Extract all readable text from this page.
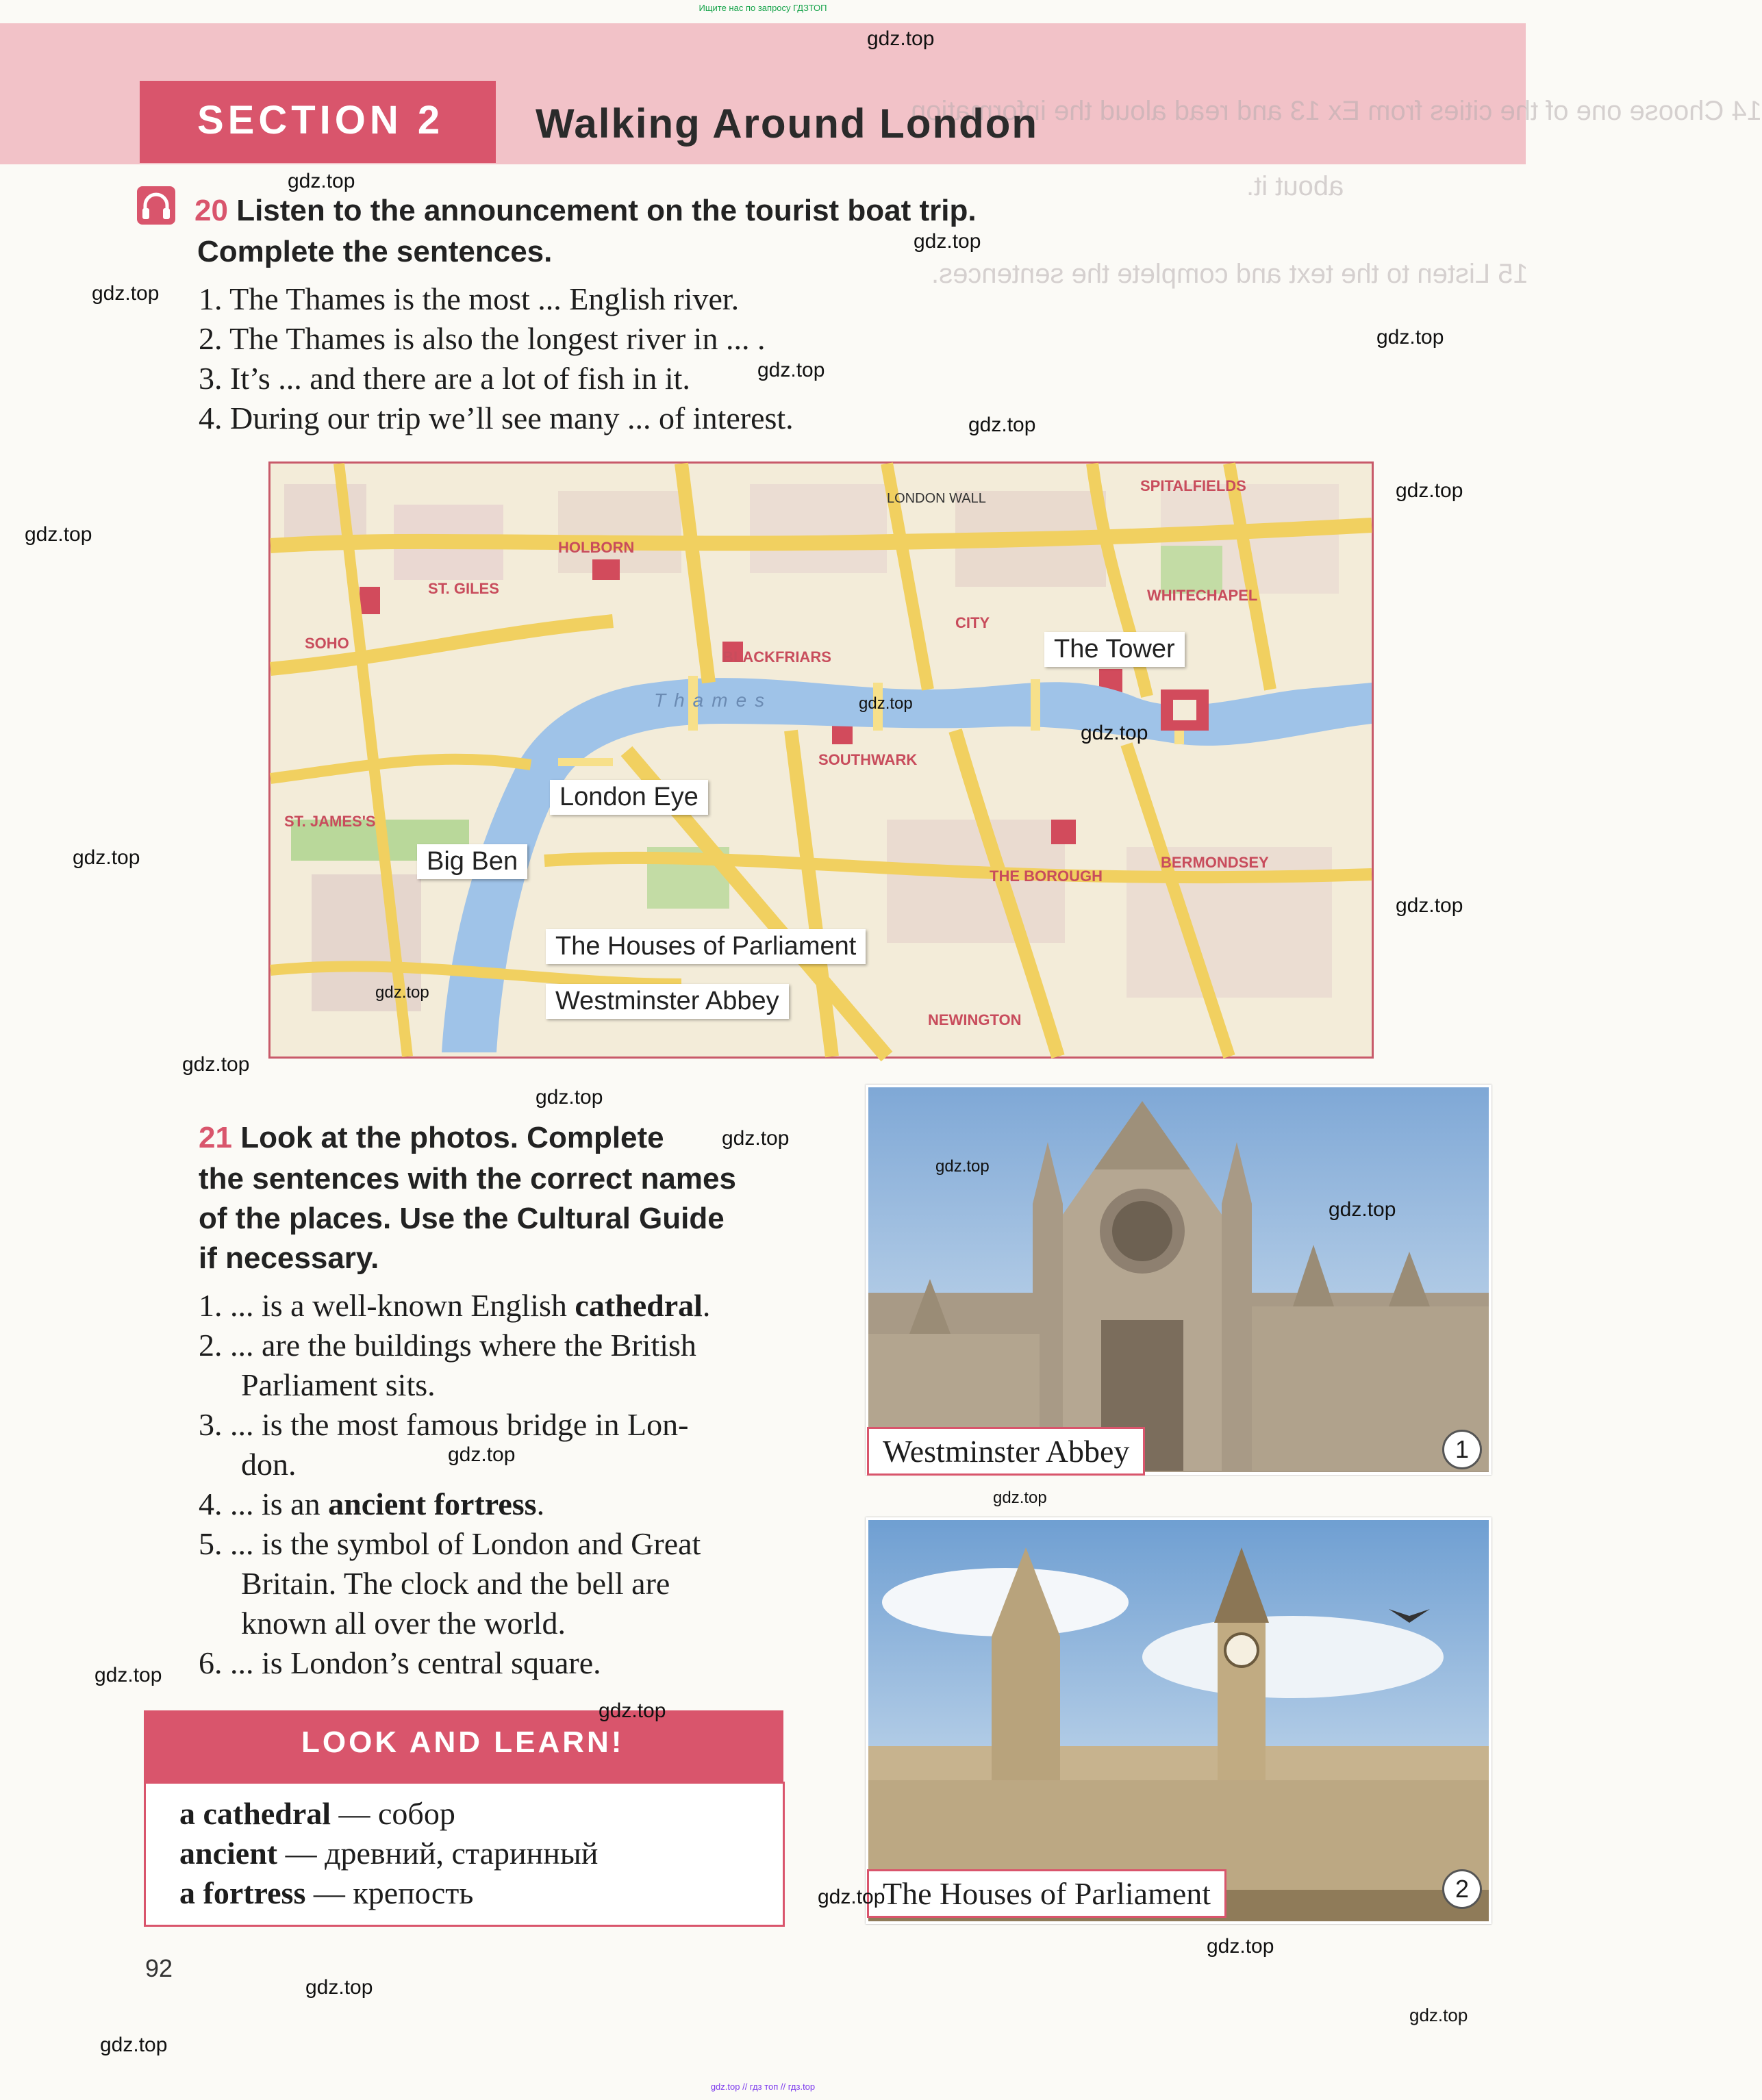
Ищите нас по запросу ГДЗТОП
14 Choose one of the cities from Ex 13 and read aloud the information
about it.
15 Listen to the text and complete the sentences.
SECTION 2 Walking Around London
20 Listen to the announcement on the tourist boat trip.
Complete the sentences.
1. The Thames is the most ... English river.
2. The Thames is also the longest river in ... .
3. It’s ... and there are a lot of fish in it.
4. During our trip we’ll see many ... of interest.
HOLBORN
SOHO
ST. GILES
BLACKFRIARS
CITY
SPITALFIELDS
WHITECHAPEL
SOUTHWARK
BERMONDSEY
THE BOROUGH
NEWINGTON
ST. JAMES'S
LONDON WALL
Thames
The Tower
London Eye
Big Ben
The Houses of Parliament
Westminster Abbey
21 Look at the photos. Complete
the sentences with the correct names
of the places. Use the Cultural Guide
if necessary.
1. ... is a well-known English cathedral.
2. ... are the buildings where the British
Parliament sits.
3. ... is the most famous bridge in Lon-
don.
4. ... is an ancient fortress.
5. ... is the symbol of London and Great
Britain. The clock and the bell are
known all over the world.
6. ... is London’s central square.
Westminster Abbey	1
The Houses of Parliament	2
LOOK AND LEARN!
a cathedral — собор
ancient — древний, старинный
a fortress — крепость
92
gdz.top
gdz.top
gdz.top
gdz.top
gdz.top
gdz.top
gdz.top
gdz.top
gdz.top
gdz.top
gdz.top
gdz.top
gdz.top
gdz.top
gdz.top
gdz.top
gdz.top
gdz.top
gdz.top
gdz.top
gdz.top
gdz.top
gdz.top
gdz.top
gdz.top
gdz.top
gdz.top
gdz.top
gdz.top // гдз топ // гдз.top
